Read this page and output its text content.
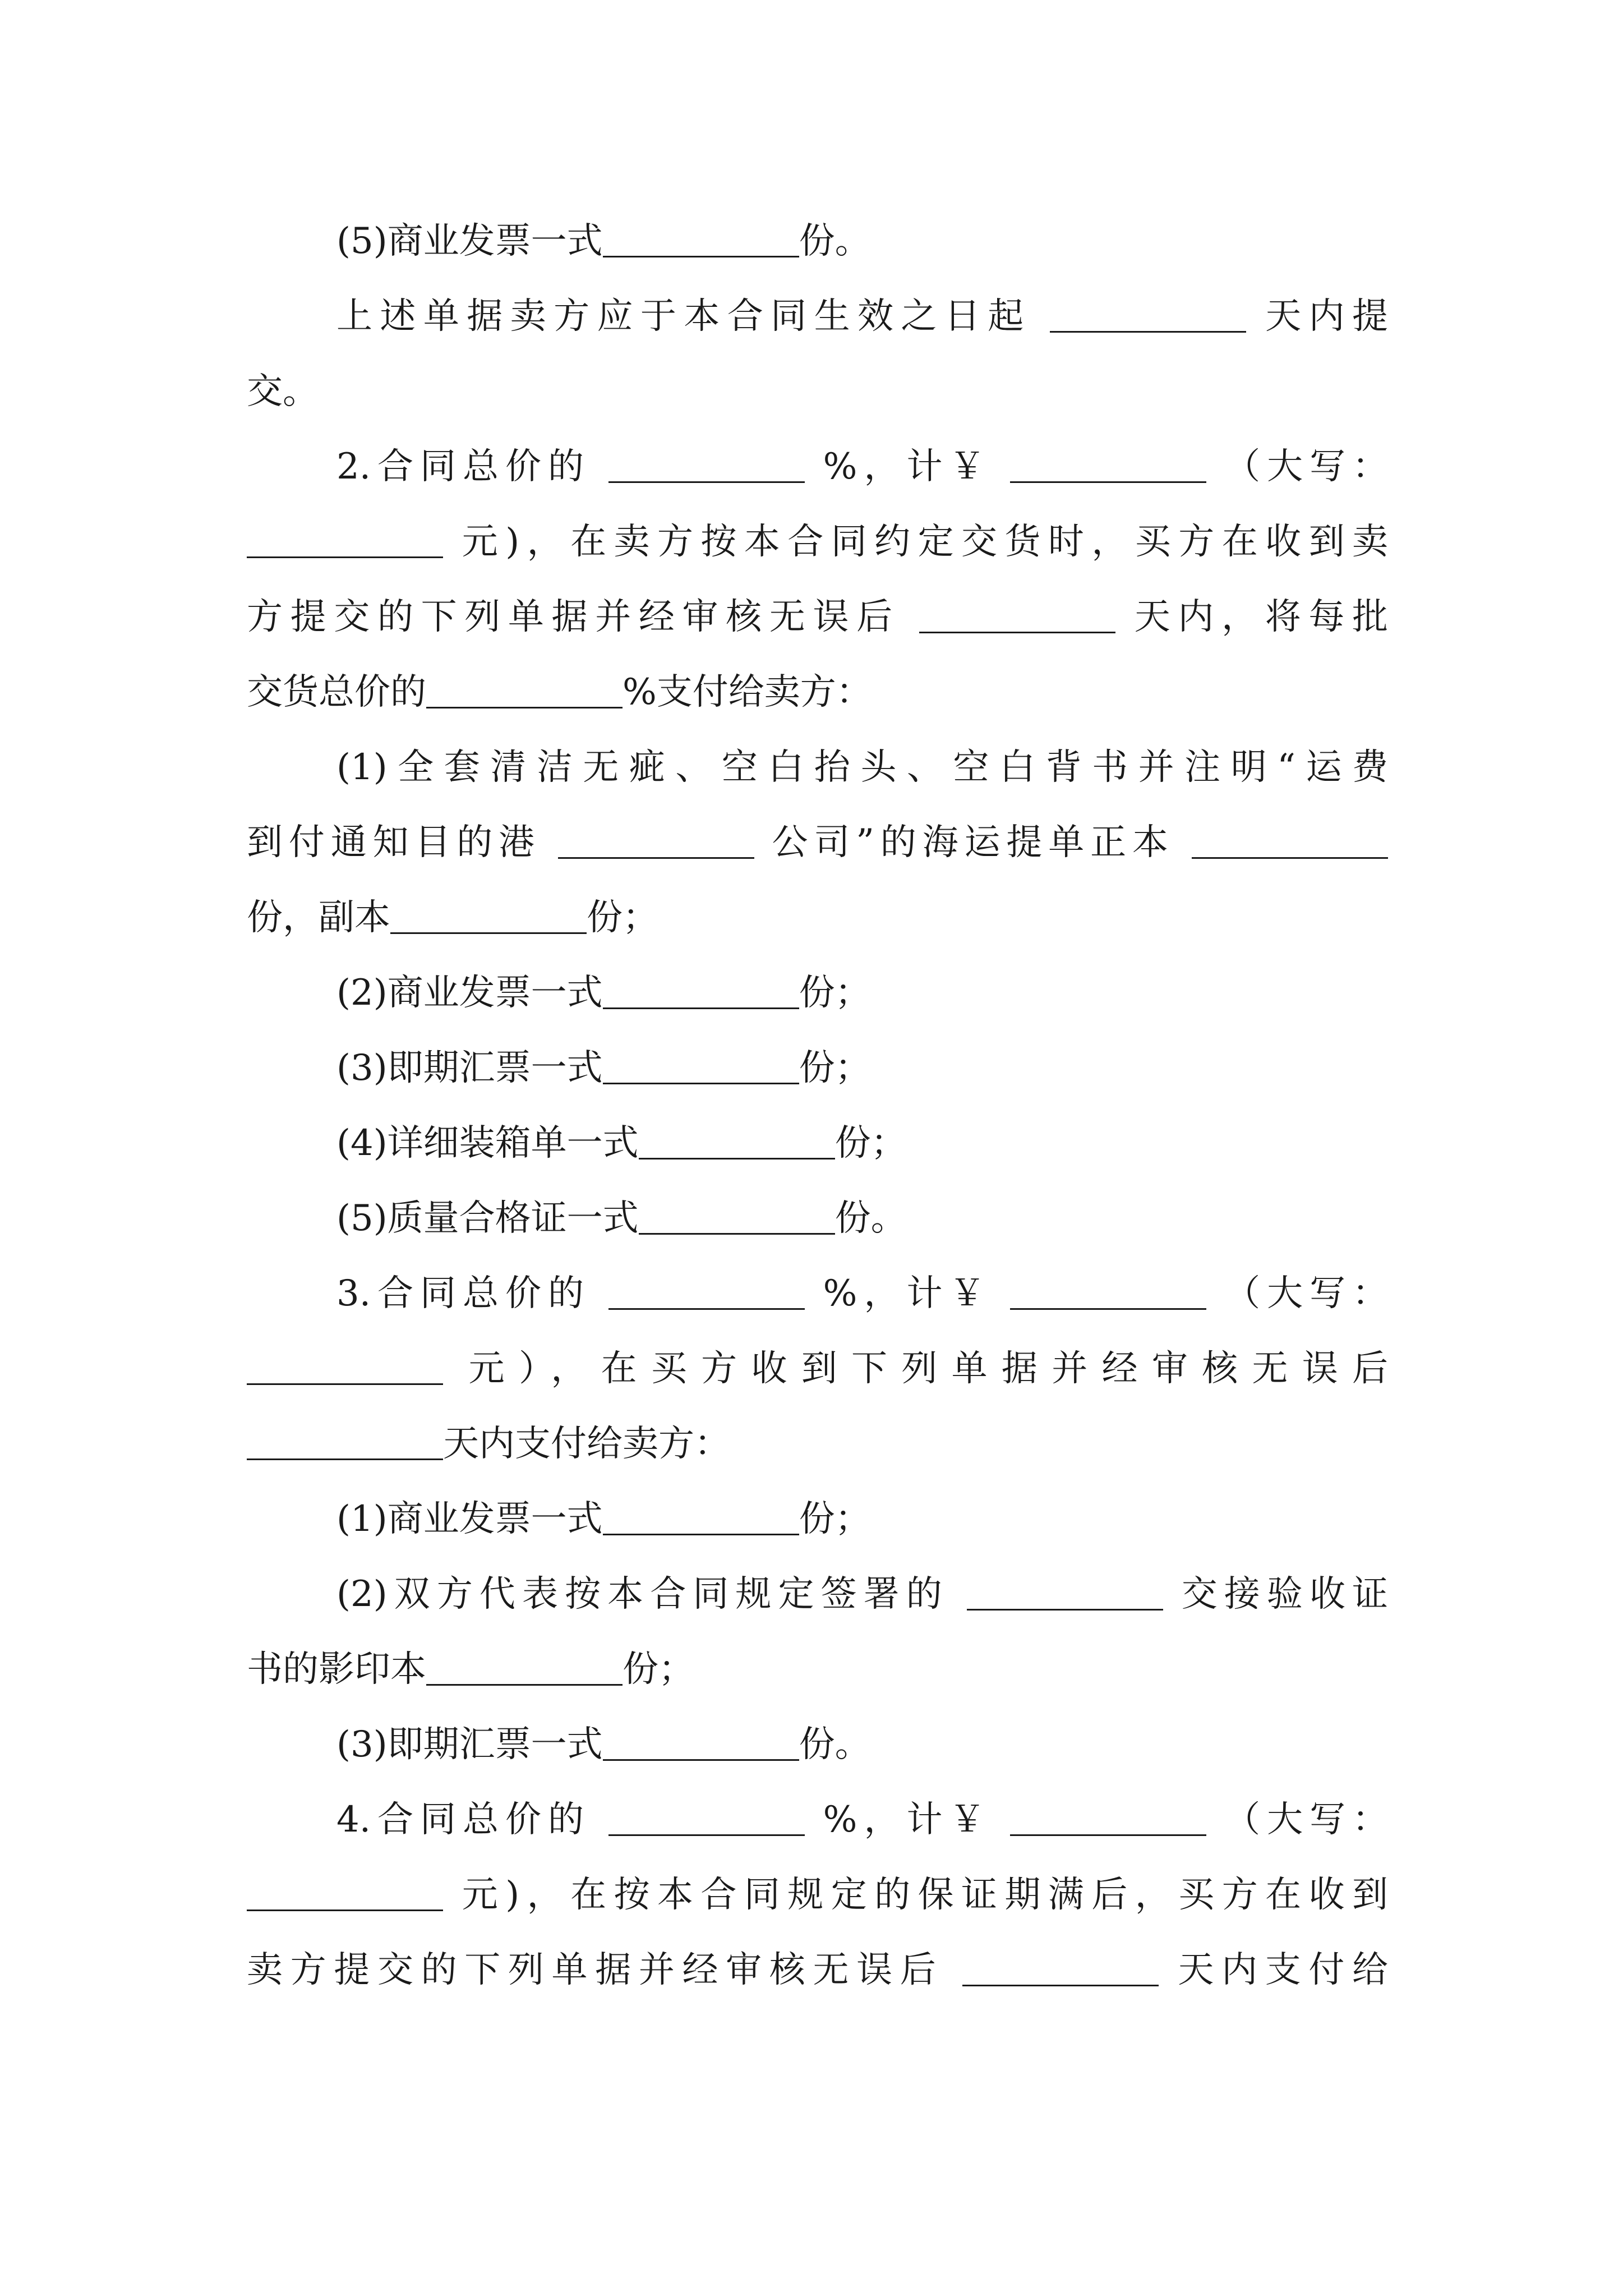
(5)商业发票一式	份。
上述单据卖方应于本合同生效之日起	天内提
交。
2.合同总价的	%，计￥	（大写：
元)，在卖方按本合同约定交货时，买方在收到卖
方提交的下列单据并经审核无误后	天内，将每批
交货总价的	%支付给卖方：
(1)全套清洁无疵、空白抬头、空白背书并注明“运费
到付通知目的港	公司”的海运提单正本
份，副本	份；
(2)商业发票一式	份；
(3)即期汇票一式	份；
(4)详细装箱单一式	份；
(5)质量合格证一式	份。
3.合同总价的	%，计￥	（大写：
元），在买方收到下列单据并经审核无误后
天内支付给卖方：
(1)商业发票一式	份；
(2)双方代表按本合同规定签署的	交接验收证
书的影印本	份；
(3)即期汇票一式	份。
4.合同总价的	%，计￥	（大写：
元)，在按本合同规定的保证期满后，买方在收到
卖方提交的下列单据并经审核无误后	天内支付给
